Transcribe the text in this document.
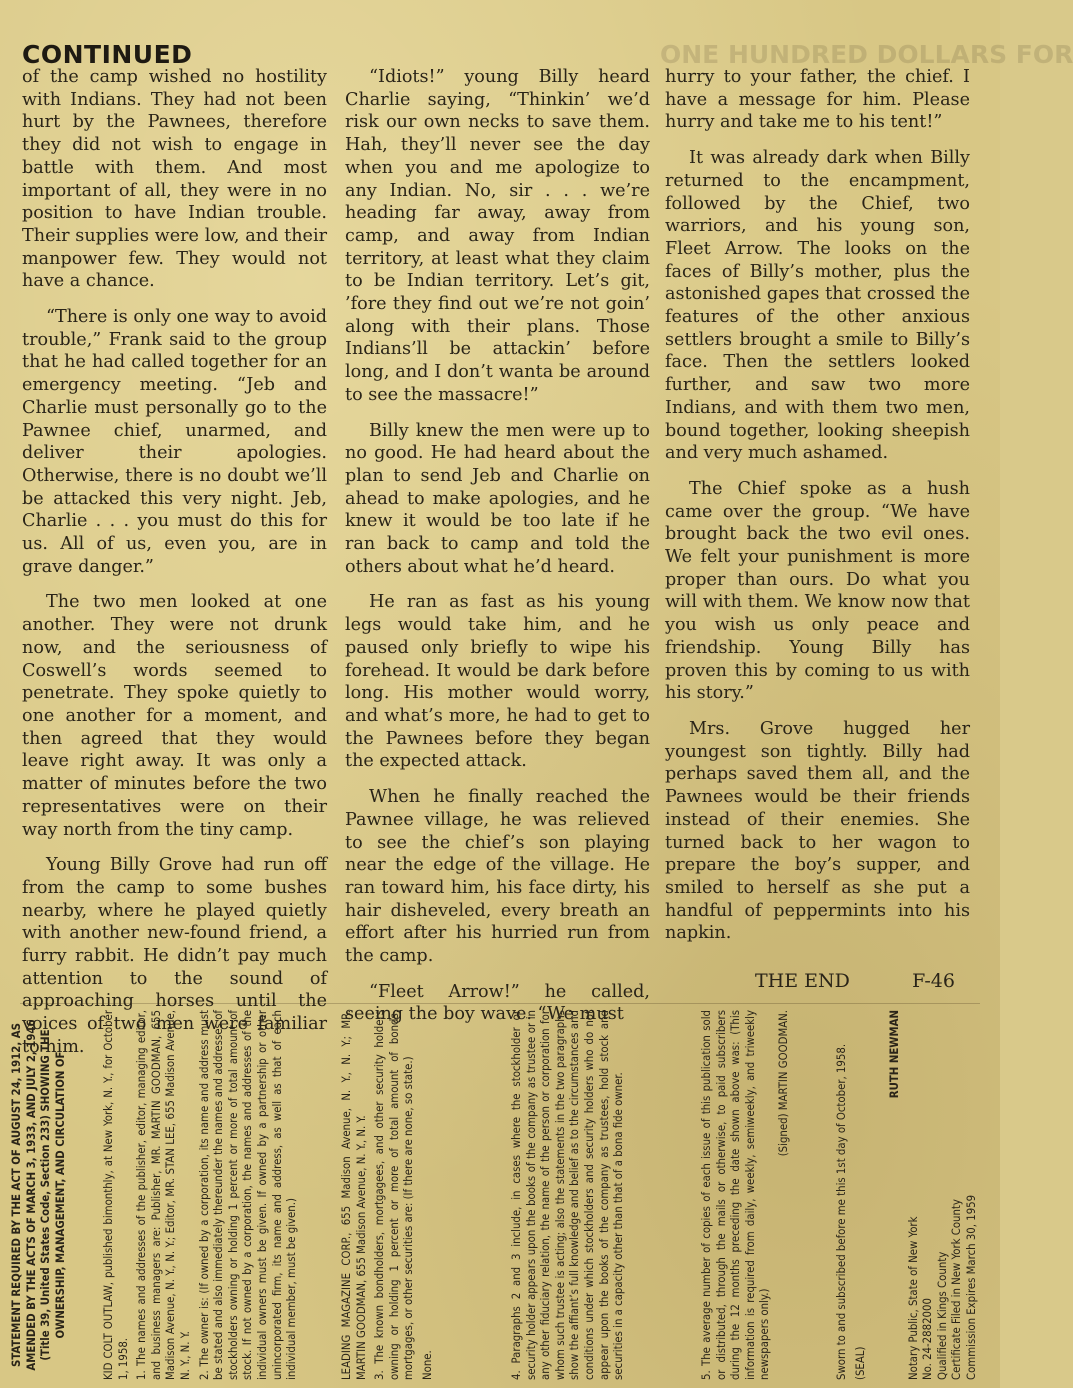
CONTINUED	ONE HUNDRED DOLLARS FOR

of the camp wished no hostility with Indians. They had not been hurt by the Pawnees, therefore they did not wish to engage in battle with them. And most important of all, they were in no position to have Indian trouble. Their supplies were low, and their manpower few. They would not have a chance.

“There is only one way to avoid trouble,” Frank said to the group that he had called together for an emergency meeting. “Jeb and Charlie must personally go to the Pawnee chief, unarmed, and deliver their apologies. Otherwise, there is no doubt we’ll be attacked this very night. Jeb, Charlie . . . you must do this for us. All of us, even you, are in grave danger.”

The two men looked at one another. They were not drunk now, and the seriousness of Coswell’s words seemed to penetrate. They spoke quietly to one another for a moment, and then agreed that they would leave right away. It was only a matter of minutes before the two representatives were on their way north from the tiny camp.

Young Billy Grove had run off from the camp to some bushes nearby, where he played quietly with another new-found friend, a furry rabbit. He didn’t pay much attention to the sound of approaching horses until the voices of two men were familiar to him.

“Idiots!” young Billy heard Charlie saying, “Thinkin’ we’d risk our own necks to save them. Hah, they’ll never see the day when you and me apologize to any Indian. No, sir . . . we’re heading far away, away from camp, and away from Indian territory, at least what they claim to be Indian territory. Let’s git, ’fore they find out we’re not goin’ along with their plans. Those Indians’ll be attackin’ before long, and I don’t wanta be around to see the massacre!”

Billy knew the men were up to no good. He had heard about the plan to send Jeb and Charlie on ahead to make apologies, and he knew it would be too late if he ran back to camp and told the others about what he’d heard.

He ran as fast as his young legs would take him, and he paused only briefly to wipe his forehead. It would be dark before long. His mother would worry, and what’s more, he had to get to the Pawnees before they began the expected attack.

When he finally reached the Pawnee village, he was relieved to see the chief’s son playing near the edge of the village. He ran toward him, his face dirty, his hair disheveled, every breath an effort after his hurried run from the camp.

“Fleet Arrow!” he called, seeing the boy wave. “We must

hurry to your father, the chief. I have a message for him. Please hurry and take me to his tent!”

It was already dark when Billy returned to the encampment, followed by the Chief, two warriors, and his young son, Fleet Arrow. The looks on the faces of Billy’s mother, plus the astonished gapes that crossed the features of the other anxious settlers brought a smile to Billy’s face. Then the settlers looked further, and saw two more Indians, and with them two men, bound together, looking sheepish and very much ashamed.

The Chief spoke as a hush came over the group. “We have brought back the two evil ones. We felt your punishment is more proper than ours. Do what you will with them. We know now that you wish us only peace and friendship. Young Billy has proven this by coming to us with his story.”

Mrs. Grove hugged her youngest son tightly. Billy had perhaps saved them all, and the Pawnees would be their friends instead of their enemies. She turned back to her wagon to prepare the boy’s supper, and smiled to herself as she put a handful of peppermints into his napkin.

THE END	F-46

STATEMENT REQUIRED BY THE ACT OF AUGUST 24, 1912, AS AMENDED BY THE ACTS OF MARCH 3, 1933, AND JULY 2, 1946 (Title 39, United States Code, Section 233) SHOWING THE OWNERSHIP, MANAGEMENT, AND CIRCULATION OF	KID COLT OUTLAW, published bimonthly, at New York, N. Y., for October 1, 1958. 1. The names and addresses of the publisher, editor, managing editor, and business managers are: Publisher, MR. MARTIN GOODMAN, 655 Madison Avenue, N. Y., N. Y.; Editor, MR. STAN LEE, 655 Madison Avenue, N. Y., N. Y. 2. The owner is: (If owned by a corporation, its name and address must be stated and also immediately thereunder the names and addresses of stockholders owning or holding 1 percent or more of total amount of stock. If not owned by a corporation, the names and addresses of the individual owners must be given. If owned by a partnership or other unincorporated firm, its name and address, as well as that of each individual member, must be given.)	LEADING MAGAZINE CORP., 655 Madison Avenue, N. Y., N. Y.; MR. MARTIN GOODMAN, 655 Madison Avenue, N. Y., N. Y. 3. The known bondholders, mortgagees, and other security holders owning or holding 1 percent or more of total amount of bonds, mortgages, or other securities are: (If there are none, so state.) None.	4. Paragraphs 2 and 3 include, in cases where the stockholder or security holder appears upon the books of the company as trustee or in any other fiduciary relation, the name of the person or corporation for whom such trustee is acting; also the statements in the two paragraphs show the affiant’s full knowledge and belief as to the circumstances and conditions under which stockholders and security holders who do not appear upon the books of the company as trustees, hold stock and securities in a capacity other than that of a bona fide owner.	5. The average number of copies of each issue of this publication sold or distributed, through the mails or otherwise, to paid subscribers during the 12 months preceding the date shown above was: (This information is required from daily, weekly, semiweekly, and triweekly newspapers only.)

(Signed) MARTIN GOODMAN.	Sworn to and subscribed before me this 1st day of October, 1958. (SEAL)

RUTH NEWMAN

Notary Public, State of New York No. 24-2882000 Qualified in Kings County Certificate Filed in New York County Commission Expires March 30, 1959
